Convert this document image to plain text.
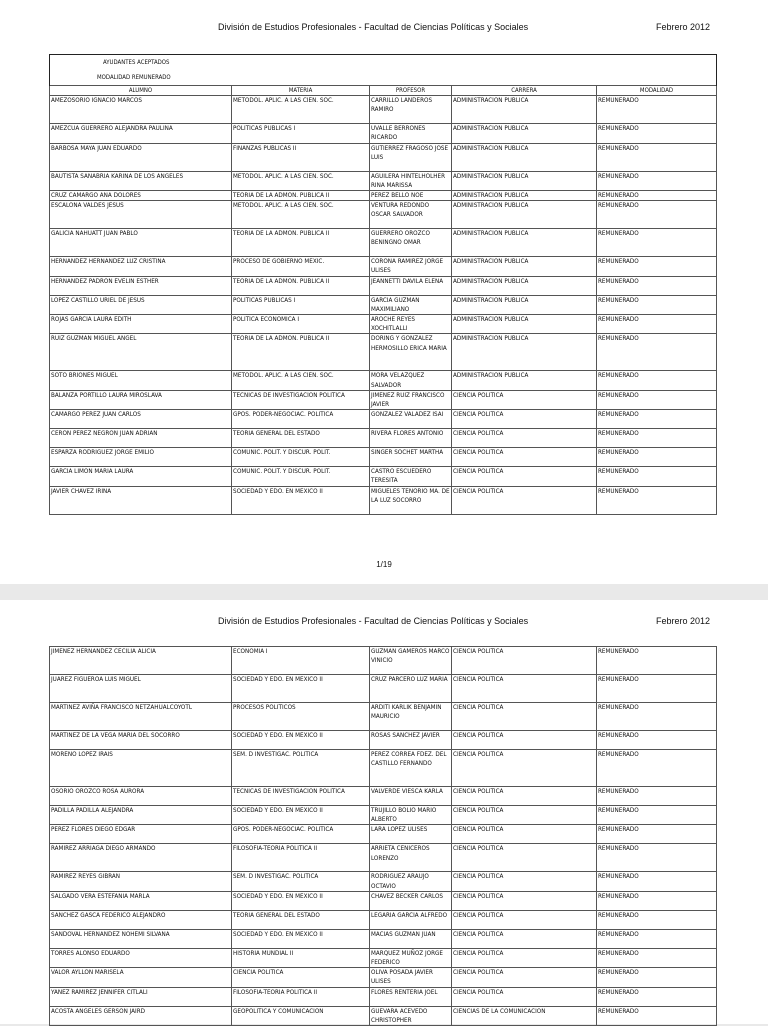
División de Estudios Profesionales - Facultad de Ciencias Políticas y Sociales	Febrero 2012
AYUDANTES ACEPTADOS				
MODALIDAD REMUNERADO				
ALUMNO	MATERIA	PROFESOR	CARRERA	MODALIDAD
AMEZOSORIO IGNACIO MARCOS	METODOL. APLIC. A LAS CIEN. SOC.	CARRILLO LANDEROS RAMIRO	ADMINISTRACION PUBLICA	REMUNERADO
AMEZCUA GUERRERO ALEJANDRA PAULINA	POLITICAS PUBLICAS I	UVALLE BERRONES RICARDO	ADMINISTRACION PUBLICA	REMUNERADO
BARBOSA MAYA JUAN EDUARDO	FINANZAS PUBLICAS II	GUTIERREZ FRAGOSO JOSE LUIS	ADMINISTRACION PUBLICA	REMUNERADO
BAUTISTA SANABRIA KARINA DE LOS ANGELES	METODOL. APLIC. A LAS CIEN. SOC.	AGUILERA HINTELHOLHER RINA MARISSA	ADMINISTRACION PUBLICA	REMUNERADO
CRUZ CAMARGO ANA DOLORES	TEORIA DE LA ADMON. PUBLICA II	PEREZ BELLO NOE	ADMINISTRACION PUBLICA	REMUNERADO
ESCALONA VALDES JESUS	METODOL. APLIC. A LAS CIEN. SOC.	VENTURA REDONDO OSCAR SALVADOR	ADMINISTRACION PUBLICA	REMUNERADO
GALICIA NAHUATT JUAN PABLO	TEORIA DE LA ADMON. PUBLICA II	GUERRERO OROZCO BENINGNO OMAR	ADMINISTRACION PUBLICA	REMUNERADO
HERNANDEZ HERNANDEZ LUZ CRISTINA	PROCESO DE GOBIERNO MEXIC.	CORONA RAMIREZ JORGE ULISES	ADMINISTRACION PUBLICA	REMUNERADO
HERNANDEZ PADRON EVELIN ESTHER	TEORIA DE LA ADMON. PUBLICA II	JEANNETTI DAVILA ELENA	ADMINISTRACION PUBLICA	REMUNERADO
LOPEZ CASTILLO URIEL DE JESUS	POLITICAS PUBLICAS I	GARCIA GUZMAN MAXIMILIANO	ADMINISTRACION PUBLICA	REMUNERADO
ROJAS GARCIA LAURA EDITH	POLITICA ECONOMICA I	AROCHE REYES XOCHITLALLI	ADMINISTRACION PUBLICA	REMUNERADO
RUIZ GUZMAN MIGUEL ANGEL	TEORIA DE LA ADMON. PUBLICA II	DORING Y GONZALEZ HERMOSILLO ERICA MARIA	ADMINISTRACION PUBLICA	REMUNERADO
SOTO BRIONES MIGUEL	METODOL. APLIC. A LAS CIEN. SOC.	MORA VELAZQUEZ SALVADOR	ADMINISTRACION PUBLICA	REMUNERADO
BALANZA PORTILLO LAURA MIROSLAVA	TECNICAS DE INVESTIGACION POLITICA	JIMENEZ RUIZ FRANCISCO JAVIER	CIENCIA POLITICA	REMUNERADO
CAMARGO PEREZ JUAN CARLOS	GPOS. PODER-NEGOCIAC. POLITICA	GONZALEZ VALADEZ ISAI	CIENCIA POLITICA	REMUNERADO
CERON PEREZ NEGRON JUAN ADRIAN	TEORIA GENERAL DEL ESTADO	RIVERA FLORES ANTONIO	CIENCIA POLITICA	REMUNERADO
ESPARZA RODRIGUEZ JORGE EMILIO	COMUNIC. POLIT. Y DISCUR. POLIT.	SINGER SOCHET MARTHA	CIENCIA POLITICA	REMUNERADO
GARCIA LIMON MARIA LAURA	COMUNIC. POLIT. Y DISCUR. POLIT.	CASTRO ESCUEDERO TERESITA	CIENCIA POLITICA	REMUNERADO
JAVIER CHAVEZ IRINA	SOCIEDAD Y EDO. EN MEXICO II	MIGUELES TENORIO MA. DE LA LUZ SOCORRO	CIENCIA POLITICA	REMUNERADO
1/19
División de Estudios Profesionales - Facultad de Ciencias Políticas y Sociales	Febrero 2012
JIMENEZ HERNANDEZ CECILIA ALICIA	ECONOMIA I	GUZMAN GAMEROS MARCO VINICIO	CIENCIA POLITICA	REMUNERADO
JUAREZ FIGUEROA LUIS MIGUEL	SOCIEDAD Y EDO. EN MEXICO II	CRUZ PARCERO LUZ MARIA	CIENCIA POLITICA	REMUNERADO
MARTINEZ AVIÑA FRANCISCO NETZAHUALCOYOTL	PROCESOS POLITICOS	ARDITI KARLIK BENJAMIN MAURICIO	CIENCIA POLITICA	REMUNERADO
MARTINEZ DE LA VEGA MARIA DEL SOCORRO	SOCIEDAD Y EDO. EN MEXICO II	ROSAS SANCHEZ JAVIER	CIENCIA POLITICA	REMUNERADO
MORENO LOPEZ IRAIS	SEM. D INVESTIGAC. POLITICA	PEREZ CORREA FDEZ. DEL CASTILLO FERNANDO	CIENCIA POLITICA	REMUNERADO
OSORIO OROZCO ROSA AURORA	TECNICAS DE INVESTIGACION POLITICA	VALVERDE VIESCA KARLA	CIENCIA POLITICA	REMUNERADO
PADILLA PADILLA ALEJANDRA	SOCIEDAD Y EDO. EN MEXICO II	TRUJILLO BOLIO MARIO ALBERTO	CIENCIA POLITICA	REMUNERADO
PEREZ FLORES DIEGO EDGAR	GPOS. PODER-NEGOCIAC. POLITICA	LARA LOPEZ ULISES	CIENCIA POLITICA	REMUNERADO
RAMIREZ ARRIAGA DIEGO ARMANDO	FILOSOFIA-TEORIA POLITICA II	ARRIETA CENICEROS LORENZO	CIENCIA POLITICA	REMUNERADO
RAMIREZ REYES GIBRAN	SEM. D INVESTIGAC. POLITICA	RODRIGUEZ ARAUJO OCTAVIO	CIENCIA POLITICA	REMUNERADO
SALGADO VERA ESTEFANIA MARLA	SOCIEDAD Y EDO. EN MEXICO II	CHAVEZ BECKER CARLOS	CIENCIA POLITICA	REMUNERADO
SANCHEZ GASCA FEDERICO ALEJANDRO	TEORIA GENERAL DEL ESTADO	LEGARIA GARCIA ALFREDO	CIENCIA POLITICA	REMUNERADO
SANDOVAL HERNANDEZ NOHEMI SILVANA	SOCIEDAD Y EDO. EN MEXICO II	MACIAS GUZMAN JUAN	CIENCIA POLITICA	REMUNERADO
TORRES ALONSO EDUARDO	HISTORIA MUNDIAL II	MARQUEZ MUÑOZ JORGE FEDERICO	CIENCIA POLITICA	REMUNERADO
VALOR AYLLON MARISELA	CIENCIA POLITICA	OLIVA POSADA JAVIER ULISES	CIENCIA POLITICA	REMUNERADO
YANEZ RAMIREZ JENNIFER CITLALI	FILOSOFIA-TEORIA POLITICA II	FLORES RENTERIA JOEL	CIENCIA POLITICA	REMUNERADO
ACOSTA ANGELES GERSON JAIRD	GEOPOLITICA Y COMUNICACION	GUEVARA ACEVEDO CHRISTOPHER	CIENCIAS DE LA COMUNICACION	REMUNERADO
